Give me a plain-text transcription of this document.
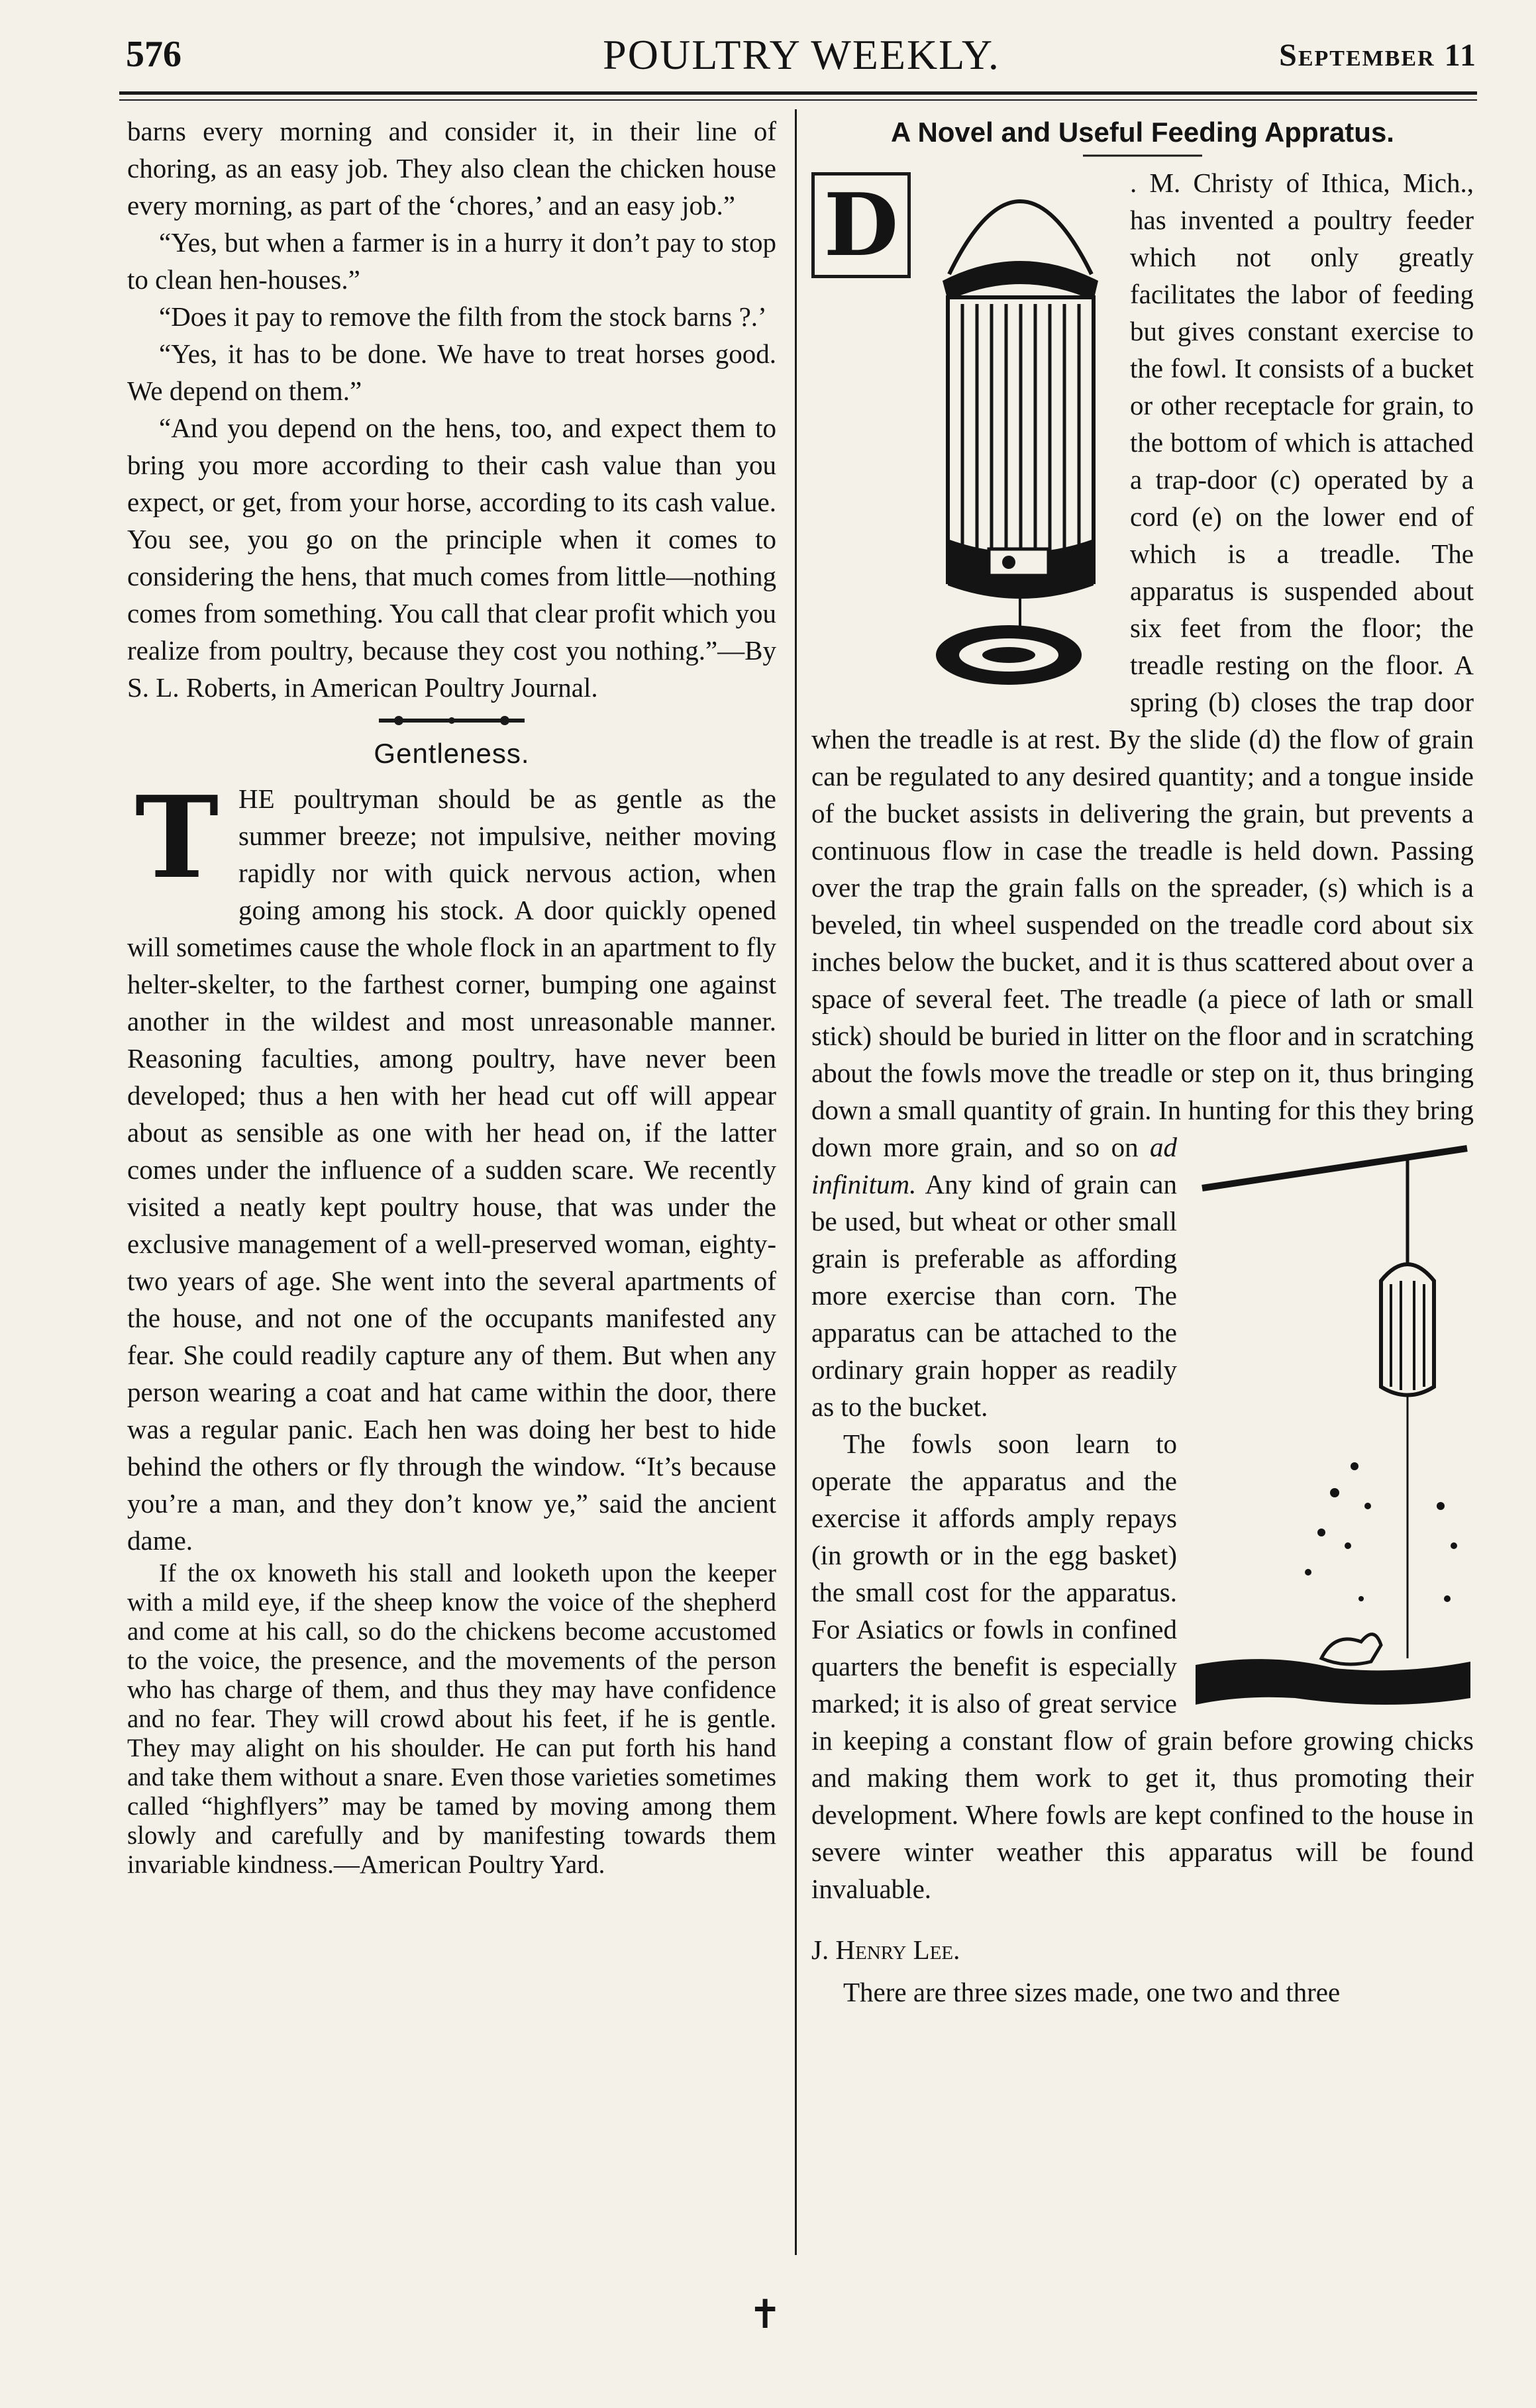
576	POULTRY WEEKLY.	September 11

barns every morning and consider it, in their line of choring, as an easy job. They also clean the chicken house every morning, as part of the ‘chores,’ and an easy job.”

“Yes, but when a farmer is in a hurry it don’t pay to stop to clean hen-houses.”

“Does it pay to remove the filth from the stock barns ?.’

“Yes, it has to be done. We have to treat horses good. We depend on them.”

“And you depend on the hens, too, and expect them to bring you more according to their cash value than you expect, or get, from your horse, according to its cash value. You see, you go on the principle when it comes to considering the hens, that much comes from little—nothing comes from something. You call that clear profit which you realize from poultry, because they cost you nothing.”—By S. L. Roberts, in American Poultry Journal.

Gentleness.

T HE poultryman should be as gentle as the summer breeze; not impulsive, neither moving rapidly nor with quick nervous action, when going among his stock. A door quickly opened will sometimes cause the whole flock in an apartment to fly helter-skelter, to the farthest corner, bumping one against another in the wildest and most unreasonable manner. Reasoning faculties, among poultry, have never been developed; thus a hen with her head cut off will appear about as sensible as one with her head on, if the latter comes under the influence of a sudden scare. We recently visited a neatly kept poultry house, that was under the exclusive management of a well-preserved woman, eighty-two years of age. She went into the several apartments of the house, and not one of the occupants manifested any fear. She could readily capture any of them. But when any person wearing a coat and hat came within the door, there was a regular panic. Each hen was doing her best to hide behind the others or fly through the window. “It’s because you’re a man, and they don’t know ye,” said the ancient dame.

If the ox knoweth his stall and looketh upon the keeper with a mild eye, if the sheep know the voice of the shepherd and come at his call, so do the chickens become accustomed to the voice, the presence, and the movements of the person who has charge of them, and thus they may have confidence and no fear. They will crowd about his feet, if he is gentle. They may alight on his shoulder. He can put forth his hand and take them without a snare. Even those varieties sometimes called “highflyers” may be tamed by moving among them slowly and carefully and by manifesting towards them invariable kindness.—American Poultry Yard.

A Novel and Useful Feeding Appratus.

D	. M. Christy of Ithica, Mich., has invented a poultry feeder which not only greatly facilitates the labor of feeding but gives constant exercise to the fowl. It consists of a bucket or other receptacle for grain, to the bottom of which is attached a trap-door (c) operated by a cord (e) on the lower end of which is a treadle. The apparatus is suspended about six feet from the floor; the treadle resting on the floor. A spring (b) closes the trap door when the treadle is at rest. By the slide (d) the flow of grain can be regulated to any desired quantity; and a tongue inside of the bucket assists in delivering the grain, but prevents a continuous flow in case the treadle is held down. Passing over the trap the grain falls on the spreader, (s) which is a beveled, tin wheel suspended on the treadle cord about six inches below the bucket, and it is thus scattered about over a space of several feet. The treadle (a piece of lath or small stick) should be buried in litter on the floor and in scratching about the fowls move the treadle or step on it, thus bringing down a small quantity of grain. In hunting for this they bring down more grain, and so on ad infinitum. Any kind of grain can be used, but wheat or other small grain is preferable as affording more exercise than corn. The apparatus can be attached to the ordinary grain hopper as readily as to the bucket.

The fowls soon learn to operate the apparatus and the exercise it affords amply repays (in growth or in the egg basket) the small cost for the apparatus. For Asiatics or fowls in confined quarters the benefit is especially marked; it is also of great service in keeping a constant flow of grain before growing chicks and making them work to get it, thus promoting their development. Where fowls are kept confined to the house in severe winter weather this apparatus will be found invaluable.

J. Henry Lee.

There are three sizes made, one two and three

✝
